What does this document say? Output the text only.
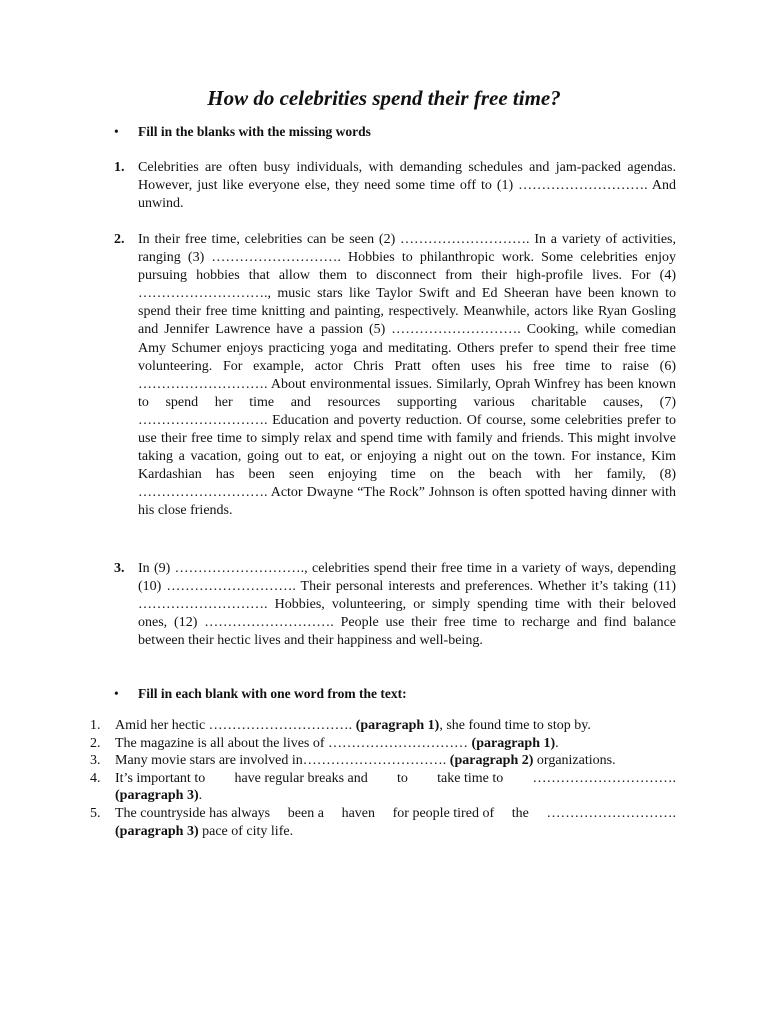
How do celebrities spend their free time?
• Fill in the blanks with the missing words
1. Celebrities are often busy individuals, with demanding schedules and jam-packed agendas. However, just like everyone else, they need some time off to (1) ………………………. And unwind.
2. In their free time, celebrities can be seen (2) ………………………. In a variety of activities, ranging (3) ………………………. Hobbies to philanthropic work. Some celebrities enjoy pursuing hobbies that allow them to disconnect from their high-profile lives. For (4) ………………………., music stars like Taylor Swift and Ed Sheeran have been known to spend their free time knitting and painting, respectively. Meanwhile, actors like Ryan Gosling and Jennifer Lawrence have a passion (5) ………………………. Cooking, while comedian Amy Schumer enjoys practicing yoga and meditating. Others prefer to spend their free time volunteering. For example, actor Chris Pratt often uses his free time to raise (6) ………………………. About environmental issues. Similarly, Oprah Winfrey has been known to spend her time and resources supporting various charitable causes, (7) ………………………. Education and poverty reduction. Of course, some celebrities prefer to use their free time to simply relax and spend time with family and friends. This might involve taking a vacation, going out to eat, or enjoying a night out on the town. For instance, Kim Kardashian has been seen enjoying time on the beach with her family, (8) ………………………. Actor Dwayne “The Rock” Johnson is often spotted having dinner with his close friends.
3. In (9) ………………………., celebrities spend their free time in a variety of ways, depending (10) ………………………. Their personal interests and preferences. Whether it’s taking (11) ………………………. Hobbies, volunteering, or simply spending time with their beloved ones, (12) ………………………. People use their free time to recharge and find balance between their hectic lives and their happiness and well-being.
• Fill in each blank with one word from the text:
1. Amid her hectic …………………………. (paragraph 1), she found time to stop by.
2. The magazine is all about the lives of ………………………… (paragraph 1).
3. Many movie stars are involved in…………………………. (paragraph 2) organizations.
4. It’s important to have regular breaks and to take time to ………………………….
(paragraph 3).
5. The countryside has always been a haven for people tired of the ……………………….
(paragraph 3) pace of city life.
